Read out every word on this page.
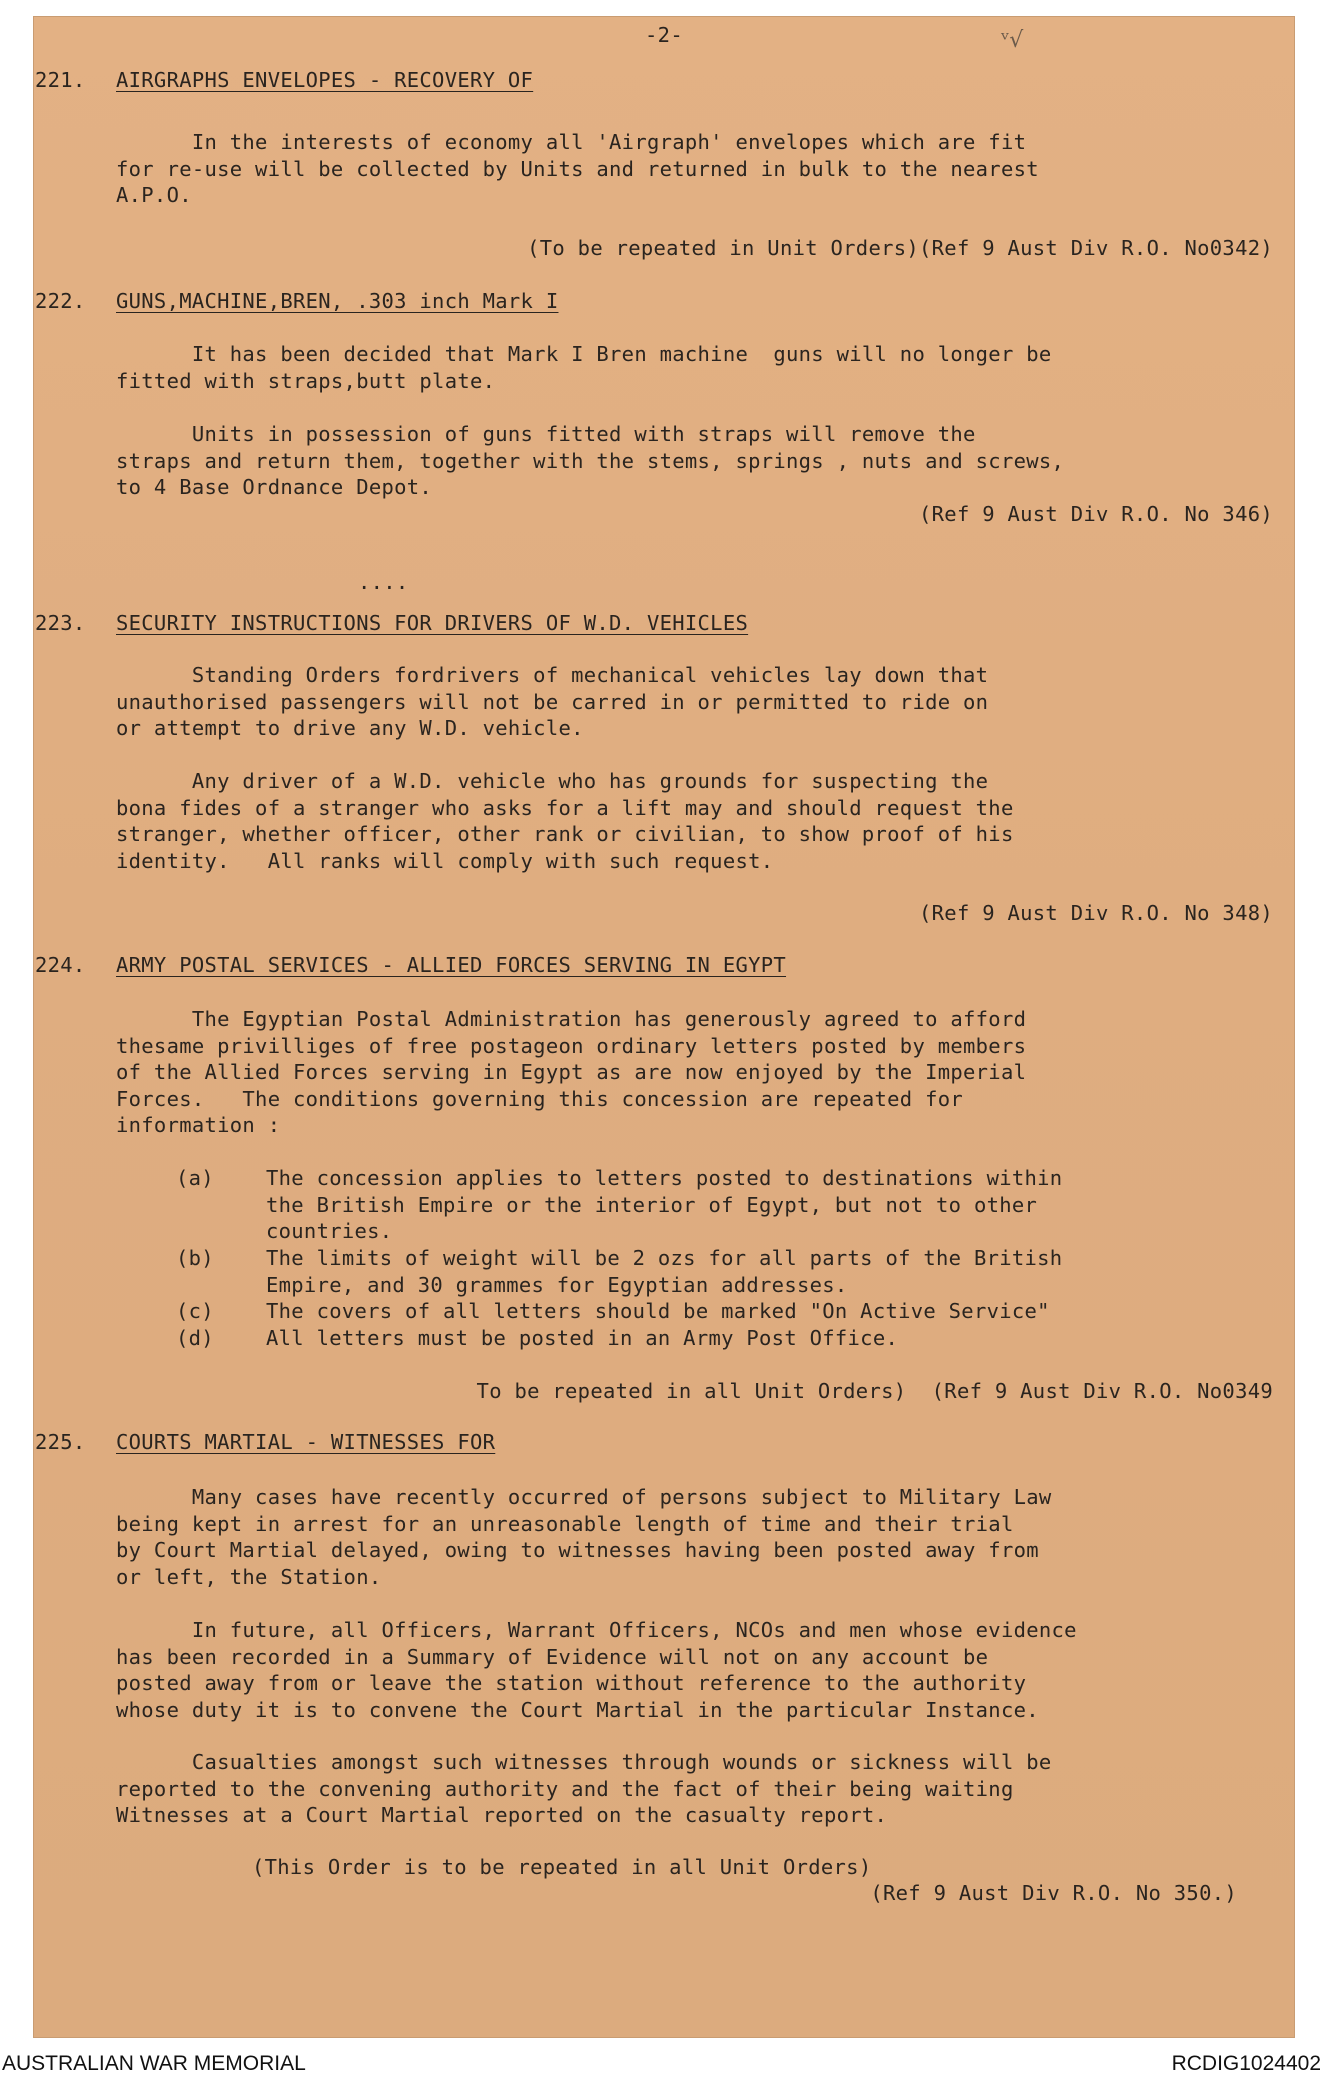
-2-	ᵛ√
221. AIRGRAPHS ENVELOPES - RECOVERY OF
In the interests of economy all 'Airgraph' envelopes which are fit
for re-use will be collected by Units and returned in bulk to the nearest
A.P.O.
(To be repeated in Unit Orders)(Ref 9 Aust Div R.O. No0342)
222. GUNS,MACHINE,BREN, .303 inch Mark I
It has been decided that Mark I Bren machine  guns will no longer be
fitted with straps,butt plate.
Units in possession of guns fitted with straps will remove the
straps and return them, together with the stems, springs , nuts and screws,
to 4 Base Ordnance Depot.
(Ref 9 Aust Div R.O. No 346)
....
223. SECURITY INSTRUCTIONS FOR DRIVERS OF W.D. VEHICLES
Standing Orders fordrivers of mechanical vehicles lay down that
unauthorised passengers will not be carred in or permitted to ride on
or attempt to drive any W.D. vehicle.
Any driver of a W.D. vehicle who has grounds for suspecting the
bona fides of a stranger who asks for a lift may and should request the
stranger, whether officer, other rank or civilian, to show proof of his
identity.   All ranks will comply with such request.
(Ref 9 Aust Div R.O. No 348)
224. ARMY POSTAL SERVICES - ALLIED FORCES SERVING IN EGYPT
The Egyptian Postal Administration has generously agreed to afford
thesame privilliges of free postageon ordinary letters posted by members
of the Allied Forces serving in Egypt as are now enjoyed by the Imperial
Forces.   The conditions governing this concession are repeated for
information :
(a)	The concession applies to letters posted to destinations within
the British Empire or the interior of Egypt, but not to other
countries.
(b)	The limits of weight will be 2 ozs for all parts of the British
Empire, and 30 grammes for Egyptian addresses.
(c)	The covers of all letters should be marked "On Active Service"
(d)	All letters must be posted in an Army Post Office.
To be repeated in all Unit Orders)  (Ref 9 Aust Div R.O. No0349
225. COURTS MARTIAL - WITNESSES FOR
Many cases have recently occurred of persons subject to Military Law
being kept in arrest for an unreasonable length of time and their trial
by Court Martial delayed, owing to witnesses having been posted away from
or left, the Station.
In future, all Officers, Warrant Officers, NCOs and men whose evidence
has been recorded in a Summary of Evidence will not on any account be
posted away from or leave the station without reference to the authority
whose duty it is to convene the Court Martial in the particular Instance.
Casualties amongst such witnesses through wounds or sickness will be
reported to the convening authority and the fact of their being waiting
Witnesses at a Court Martial reported on the casualty report.
(This Order is to be repeated in all Unit Orders)
(Ref 9 Aust Div R.O. No 350.)
AUSTRALIAN WAR MEMORIAL	RCDIG1024402
